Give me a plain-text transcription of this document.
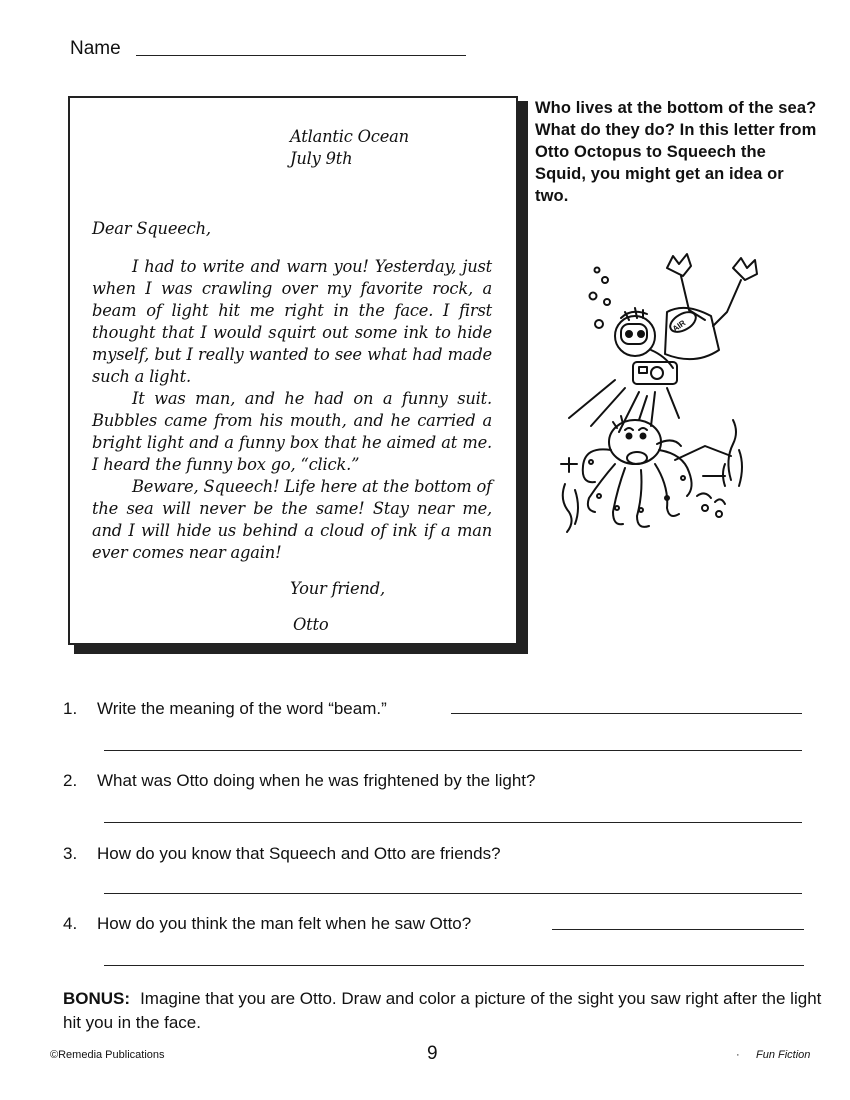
Name
Atlantic Ocean
July 9th
Dear Squeech,

I had to write and warn you! Yesterday, just when I was crawling over my favorite rock, a beam of light hit me right in the face. I first thought that I would squirt out some ink to hide myself, but I really wanted to see what had made such a light.

It was man, and he had on a funny suit. Bubbles came from his mouth, and he carried a bright light and a funny box that he aimed at me. I heard the funny box go, “click.”

Beware, Squeech! Life here at the bottom of the sea will never be the same! Stay near me, and I will hide us behind a cloud of ink if a man ever comes near again!

Your friend,
Otto
Who lives at the bottom of the sea? What do they do? In this letter from Otto Octopus to Squeech the Squid, you might get an idea or two.
AIR
1. Write the meaning of the word “beam.”
2. What was Otto doing when he was frightened by the light?
3. How do you know that Squeech and Otto are friends?
4. How do you think the man felt when he saw Otto?
BONUS: Imagine that you are Otto. Draw and color a picture of the sight you saw right after the light hit you in the face.
©Remedia Publications	9	· Fun Fiction
